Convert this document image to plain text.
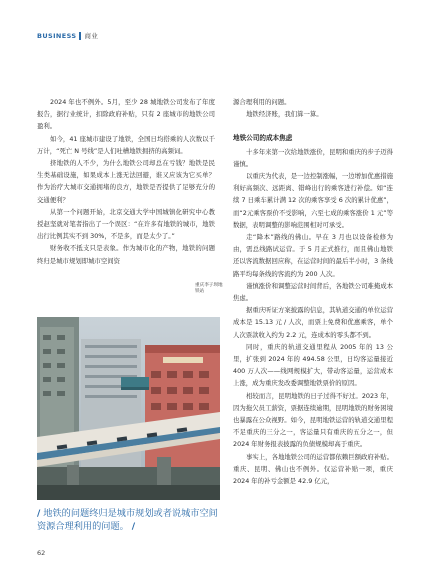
BUSINESS 商业

2024 年也不例外。5月，至少 28 城地铁公司发布了年度报告，据行业统计，扣除政府补贴，只有 2 座城市的地铁公司盈利。

如今，41 座城市建设了地铁，全国日均搭乘的人次数以千万计，“死亡 N 号线”是人们吐槽地铁拥挤的高频词。

挤地铁的人不少，为什么地铁公司却总在亏钱？地铁是民生类基础设施，如果成本上涨无法回避，谁又应该为它买单？作为治疗大城市交通拥堵的良方，地铁是否提供了足够充分的交通便利？

从第一个问题开始，北京交通大学中国城镇化研究中心教授赵坚就对笔者指出了一个误区：“在许多有地铁的城市，地铁出行比例其实不到 30%，不是多，而是太少了。”

财务收不抵支只是表象。作为城市化的产物，地铁的问题终归是城市规划即城市空间资

重庆李子坝地铁站
/ 地铁的问题终归是城市规划或者说城市空间资源合理利用的问题。 /

源合理利用的问题。

地铁经济账，我们算一算。

地铁公司的成本焦虑

十多年来第一次给地铁涨价，昆明和重庆的步子迈得谨慎。

以重庆为代表，是一边控制涨幅，一边增加优惠措施利好高频次、远距离、错峰出行的乘客进行补偿。如“连续 7 日乘车累计满 12 次的乘客享受 6 次的累计优惠”，而“2元乘客票价不受影响，六至七成的乘客涨价 1 元”等数据，表明调整的影响范围相对可承受。

走“降本”路线的佛山。早在 3 月也以设备检修为由，需总线路试运营。于 5 月正式推行，而且佛山地铁还以客流数据回应称，在运营时间的最后半小时，3 条线路平均每条线的客流约为 200 人次。

谨慎涨价和调整运营时间背后，各地铁公司难掩成本焦虑。

据重庆听证方案披露的信息，其轨道交通的单位运营成本是 15.13 元 / 人次，而票上免费和优惠乘客，单个人次票款收入约为 2.2 元，连成本的零头都不到。

同时，重庆的轨道交通里程从 2005 年的 13 公里，扩张到 2024 年的 494.58 公里，日均客运量接近 400 万人次——线网规模扩大，带动客运量，运营成本上涨，成为重庆发改委调整地铁票价的原因。

相较而言，昆明地铁的日子过得不好过。2023 年，因为拖欠员工薪资，票据连续逾期，昆明地铁的财务困境也暴露在公众视野。如今，昆明地铁运营的轨道交通里程不足重庆的三分之一，客运量只有重庆的五分之一，但 2024 年财务报表披露的负债规模却高于重庆。

事实上，各地地铁公司的运营都依赖巨额政府补贴。重庆、昆明、佛山也不例外。仅运营补贴一项，重庆 2024 年的补亏金额是 42.9 亿元，

62
